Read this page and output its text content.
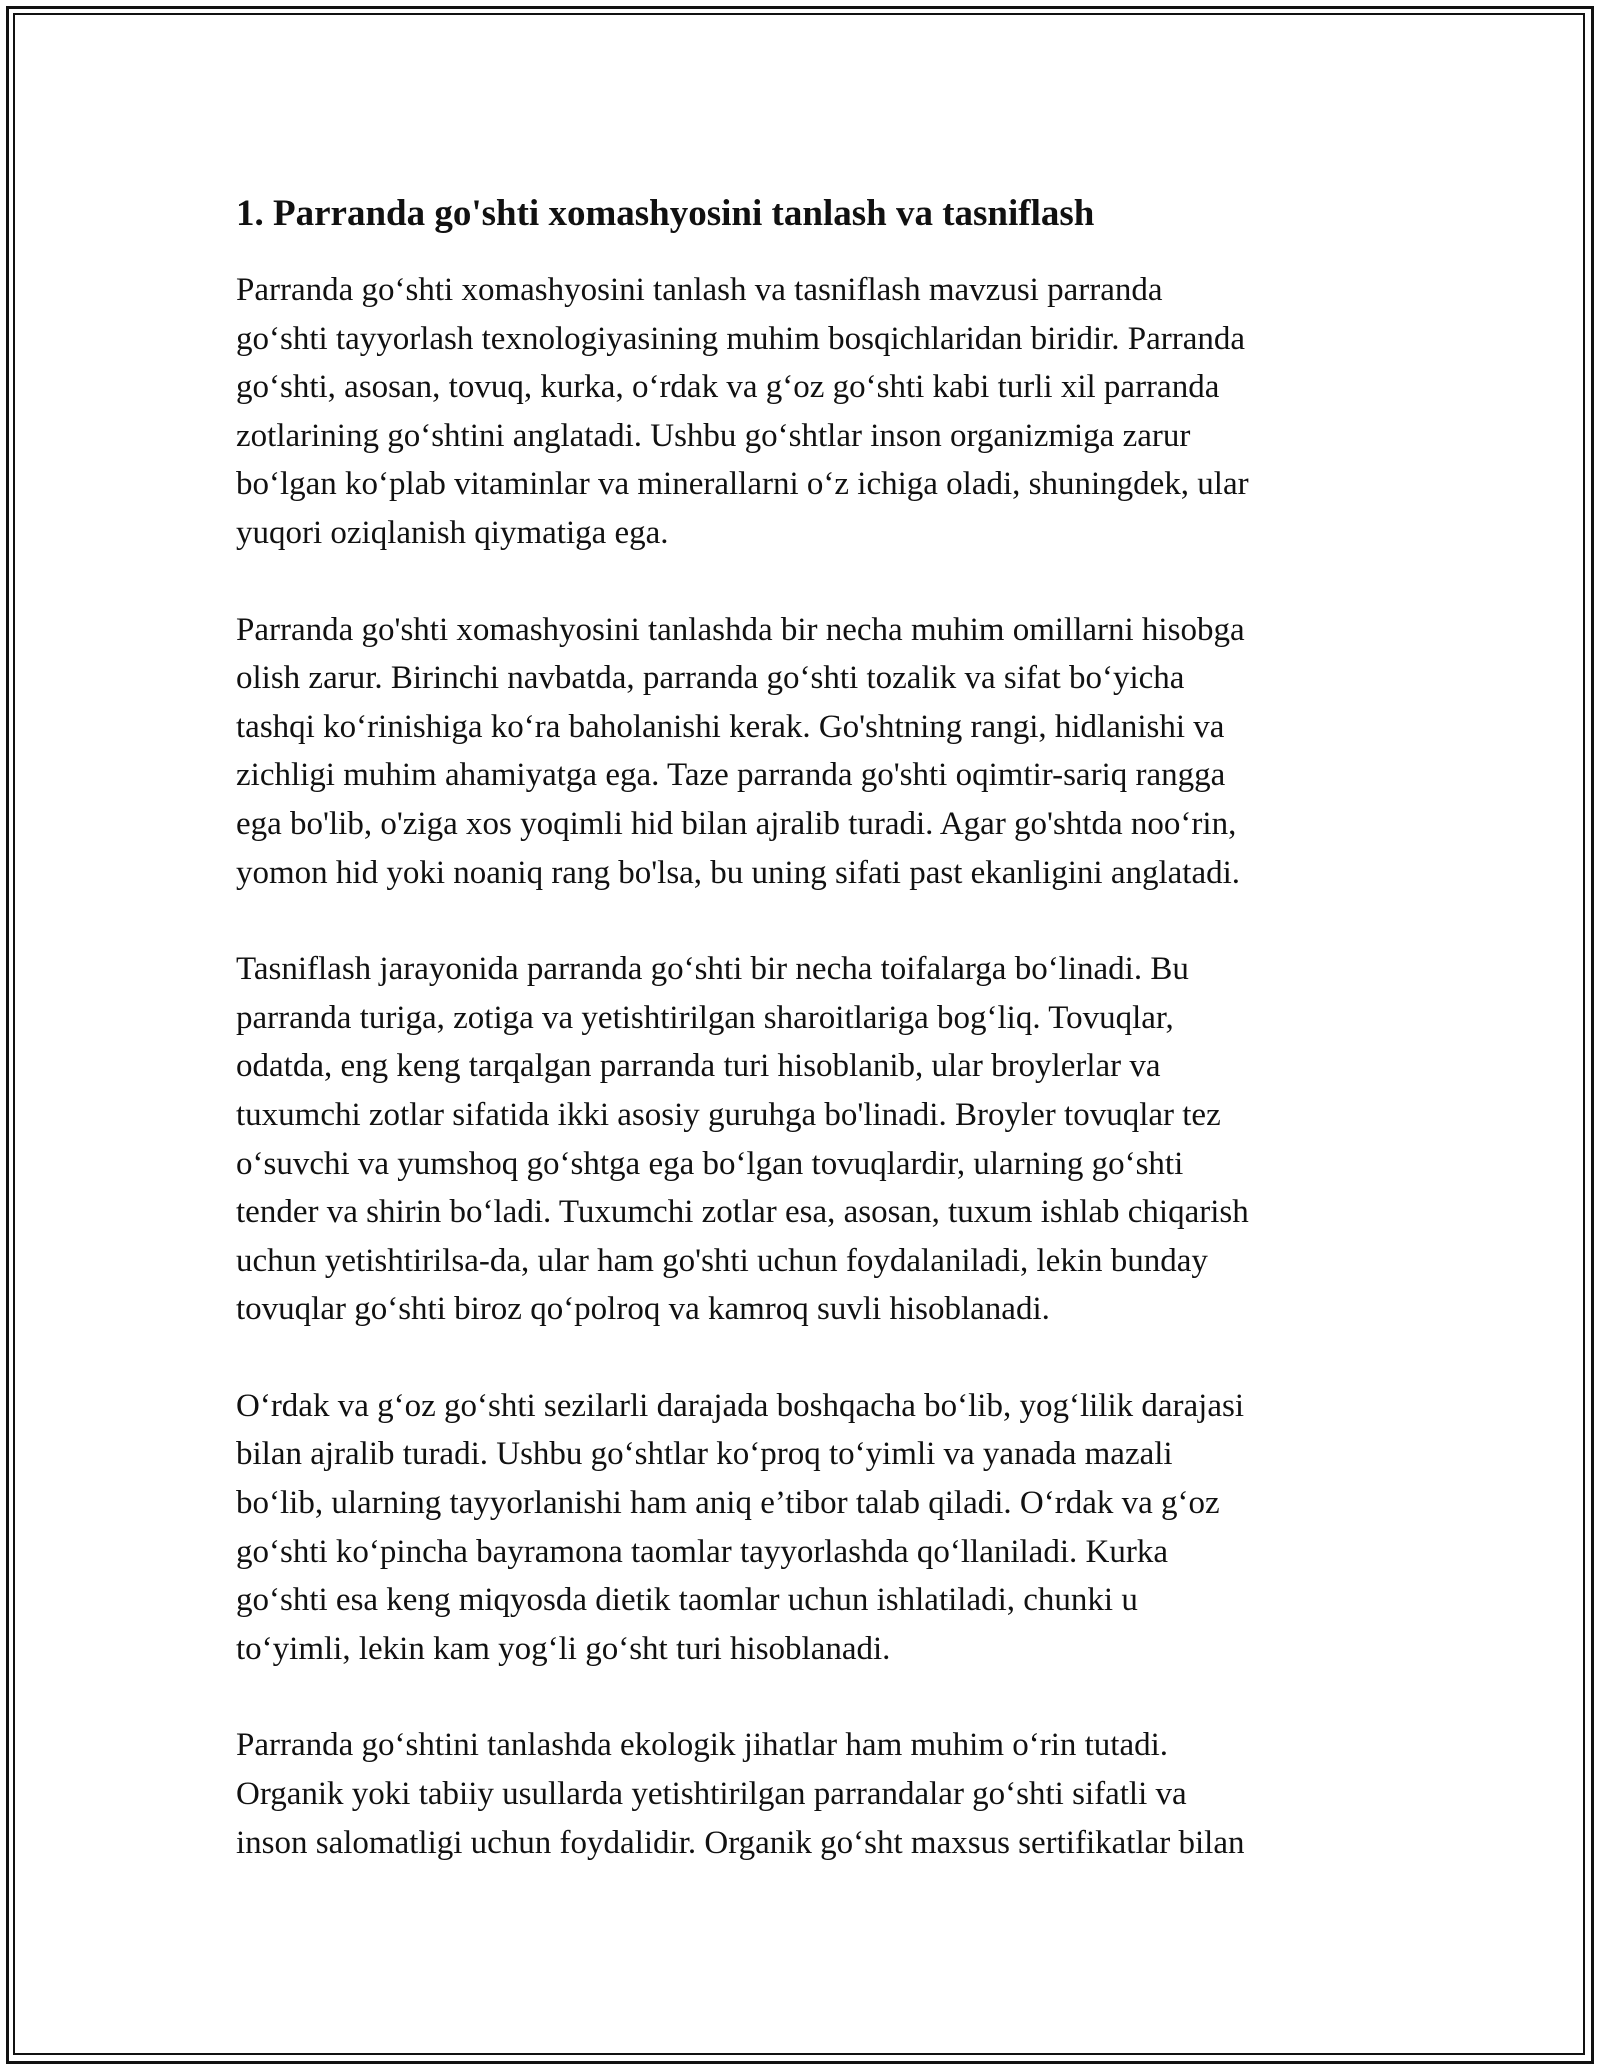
1. Parranda go'shti xomashyosini tanlash va tasniflash
Parranda go‘shti xomashyosini tanlash va tasniflash mavzusi parranda
go‘shti tayyorlash texnologiyasining muhim bosqichlaridan biridir. Parranda
go‘shti, asosan, tovuq, kurka, o‘rdak va g‘oz go‘shti kabi turli xil parranda
zotlarining go‘shtini anglatadi. Ushbu go‘shtlar inson organizmiga zarur
bo‘lgan ko‘plab vitaminlar va minerallarni o‘z ichiga oladi, shuningdek, ular
yuqori oziqlanish qiymatiga ega.
Parranda go'shti xomashyosini tanlashda bir necha muhim omillarni hisobga
olish zarur. Birinchi navbatda, parranda go‘shti tozalik va sifat bo‘yicha
tashqi ko‘rinishiga ko‘ra baholanishi kerak. Go'shtning rangi, hidlanishi va
zichligi muhim ahamiyatga ega. Taze parranda go'shti oqimtir-sariq rangga
ega bo'lib, o'ziga xos yoqimli hid bilan ajralib turadi. Agar go'shtda noo‘rin,
yomon hid yoki noaniq rang bo'lsa, bu uning sifati past ekanligini anglatadi.
Tasniflash jarayonida parranda go‘shti bir necha toifalarga bo‘linadi. Bu
parranda turiga, zotiga va yetishtirilgan sharoitlariga bog‘liq. Tovuqlar,
odatda, eng keng tarqalgan parranda turi hisoblanib, ular broylerlar va
tuxumchi zotlar sifatida ikki asosiy guruhga bo'linadi. Broyler tovuqlar tez
o‘suvchi va yumshoq go‘shtga ega bo‘lgan tovuqlardir, ularning go‘shti
tender va shirin bo‘ladi. Tuxumchi zotlar esa, asosan, tuxum ishlab chiqarish
uchun yetishtirilsa-da, ular ham go'shti uchun foydalaniladi, lekin bunday
tovuqlar go‘shti biroz qo‘polroq va kamroq suvli hisoblanadi.
O‘rdak va g‘oz go‘shti sezilarli darajada boshqacha bo‘lib, yog‘lilik darajasi
bilan ajralib turadi. Ushbu go‘shtlar ko‘proq to‘yimli va yanada mazali
bo‘lib, ularning tayyorlanishi ham aniq e’tibor talab qiladi. O‘rdak va g‘oz
go‘shti ko‘pincha bayramona taomlar tayyorlashda qo‘llaniladi. Kurka
go‘shti esa keng miqyosda dietik taomlar uchun ishlatiladi, chunki u
to‘yimli, lekin kam yog‘li go‘sht turi hisoblanadi.
Parranda go‘shtini tanlashda ekologik jihatlar ham muhim o‘rin tutadi.
Organik yoki tabiiy usullarda yetishtirilgan parrandalar go‘shti sifatli va
inson salomatligi uchun foydalidir. Organik go‘sht maxsus sertifikatlar bilan
